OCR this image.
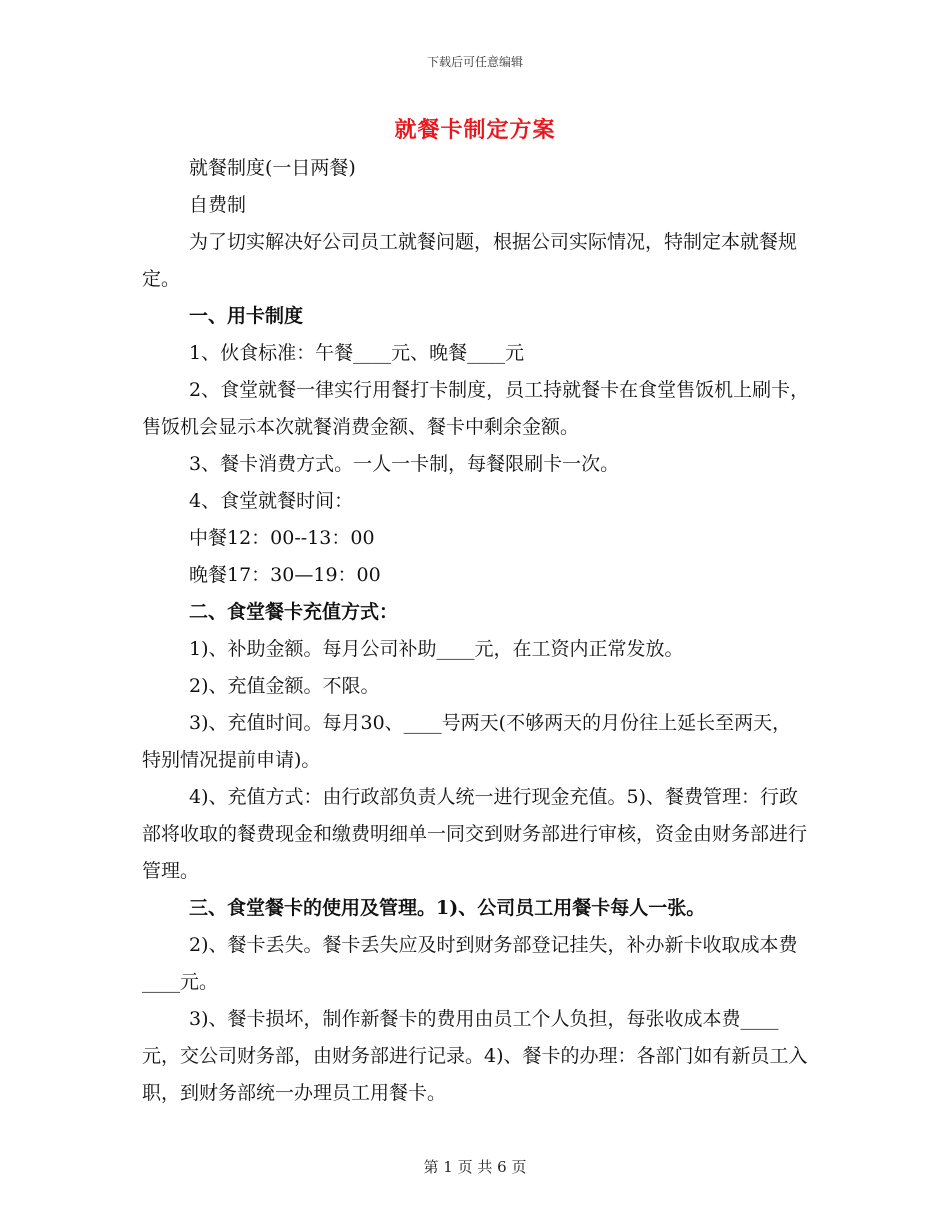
下载后可任意编辑
就餐卡制定方案

就餐制度(一日两餐)

自费制

为了切实解决好公司员工就餐问题，根据公司实际情况，特制定本就餐规定。

一、用卡制度

1、伙食标准：午餐____元、晚餐____元

2、食堂就餐一律实行用餐打卡制度，员工持就餐卡在食堂售饭机上刷卡，售饭机会显示本次就餐消费金额、餐卡中剩余金额。

3、餐卡消费方式。一人一卡制，每餐限刷卡一次。

4、食堂就餐时间：

中餐12：00--13：00

晚餐17：30—19：00

二、食堂餐卡充值方式：

1)、补助金额。每月公司补助____元，在工资内正常发放。

2)、充值金额。不限。

3)、充值时间。每月30、____号两天(不够两天的月份往上延长至两天，特别情况提前申请)。

4)、充值方式：由行政部负责人统一进行现金充值。5)、餐费管理：行政部将收取的餐费现金和缴费明细单一同交到财务部进行审核，资金由财务部进行管理。

三、食堂餐卡的使用及管理。1)、公司员工用餐卡每人一张。

2)、餐卡丢失。餐卡丢失应及时到财务部登记挂失，补办新卡收取成本费____元。

3)、餐卡损坏，制作新餐卡的费用由员工个人负担，每张收成本费____元，交公司财务部，由财务部进行记录。4)、餐卡的办理：各部门如有新员工入职，到财务部统一办理员工用餐卡。

第 1 页 共 6 页
